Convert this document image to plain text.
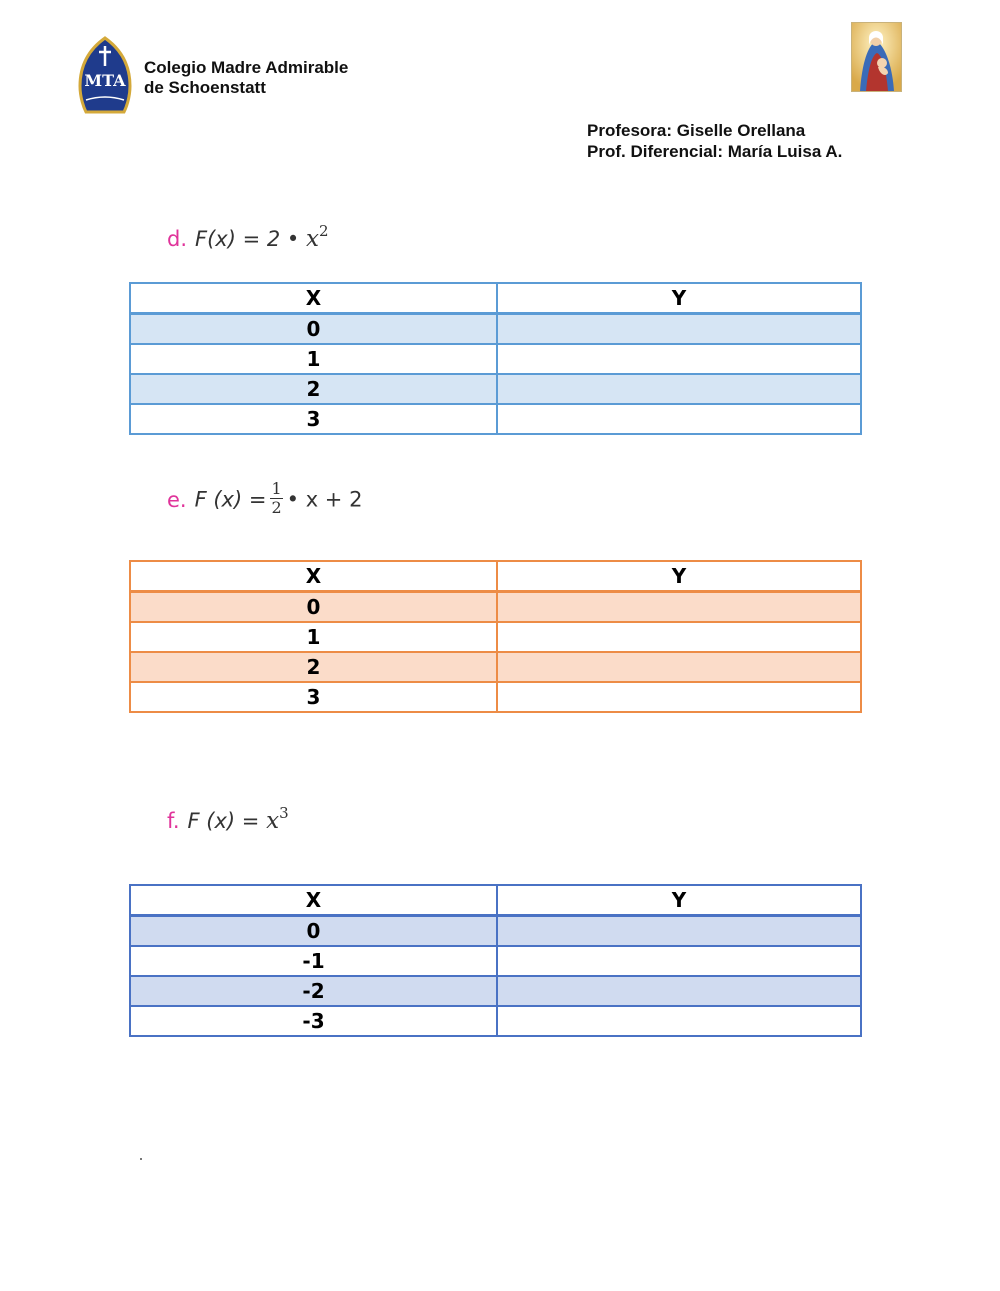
MTA
Colegio Madre Admirable
de Schoenstatt
Profesora: Giselle Orellana
Prof. Diferencial: María Luisa A.
d. F(x) = 2 • $x^2$
X	Y
0	
1	
2	
3	
e. F $(x) = \frac{1}{2}$ • x + 2
X	Y
0	
1	
2	
3	
f. F $(x) = x^3$
X	Y
0	
-1	
-2	
-3	
